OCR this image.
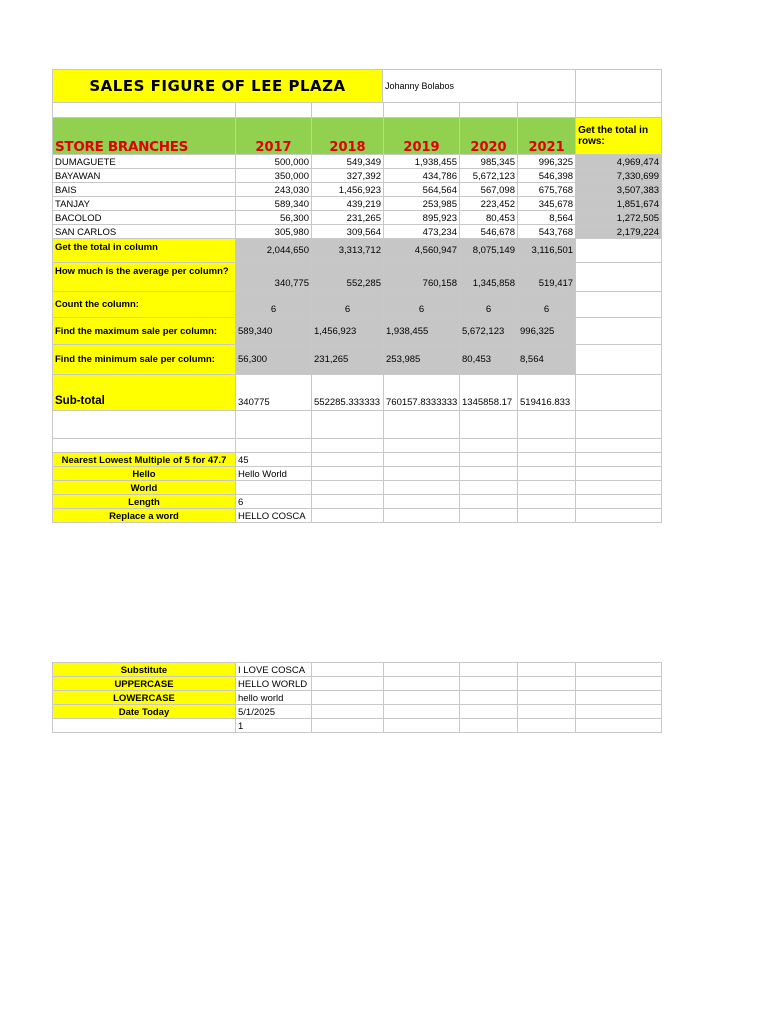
SALES FIGURE OF LEE PLAZA Johanny Bolabos						

STORE BRANCHES	2017	2018	2019	2020	2021	Get the total in rows:
DUMAGUETE	500,000	549,349	1,938,455	985,345	996,325	4,969,474
BAYAWAN	350,000	327,392	434,786	5,672,123	546,398	7,330,699
BAIS	243,030	1,456,923	564,564	567,098	675,768	3,507,383
TANJAY	589,340	439,219	253,985	223,452	345,678	1,851,674
BACOLOD	56,300	231,265	895,923	80,453	8,564	1,272,505
SAN CARLOS	305,980	309,564	473,234	546,678	543,768	2,179,224
Get the total in column	2,044,650	3,313,712	4,560,947	8,075,149	3,116,501	
How much is the average per column?	340,775	552,285	760,158	1,345,858	519,417	
Count the column:	6	6	6	6	6	
Find the maximum sale per column:	589,340	1,456,923	1,938,455	5,672,123	996,325	
Find the minimum sale per column:	56,300	231,265	253,985	80,453	8,564	
Sub-total	340775	552285.333333	760157.8333333	1345858.17	519416.833	

Nearest Lowest Multiple of 5 for 47.7	45					
Hello	Hello World					
World						
Length	6					
Replace a word	HELLO COSCA					
Substitute	I LOVE COSCA					
UPPERCASE	HELLO WORLD					
LOWERCASE	hello world					
Date Today	5/1/2025					
	1					
